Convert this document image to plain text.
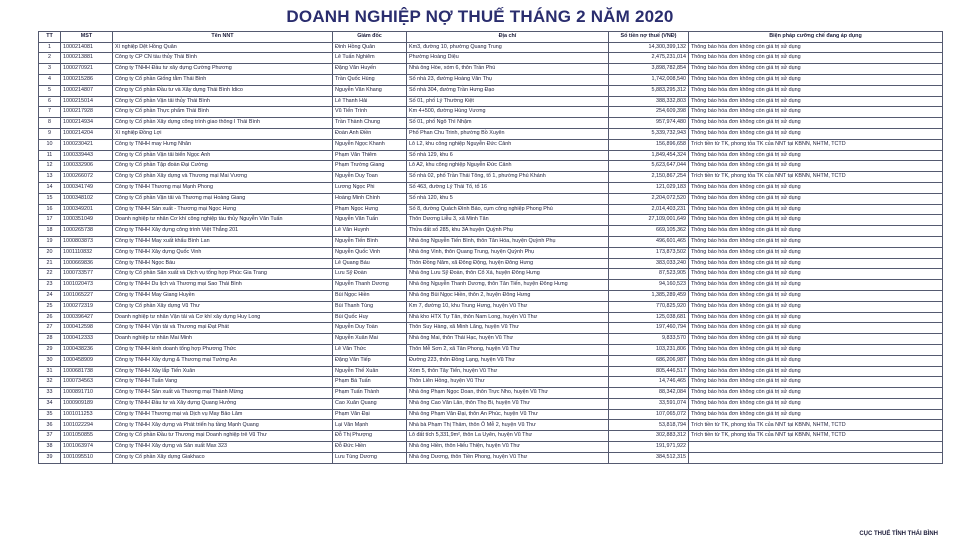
DOANH NGHIỆP NỢ THUẾ THÁNG 2 NĂM 2020
TT	MST	Tên NNT	Giám đốc	Địa chỉ	Số tiền nợ thuế (VNĐ)	Biện pháp cưỡng chế đang áp dụng
1	1000214081	Xí nghiệp Dệt Hồng Quân	Đinh Hồng Quân	Km3, đường 10, phường Quang Trung	14,300,399,132	Thông báo hóa đơn không còn giá trị sử dụng
2	1000213881	Công ty CP CN tàu thủy Thái Bình	Lê Tuấn Nghiêm	Phường Hoàng Diệu	2,475,231,014	Thông báo hóa đơn không còn giá trị sử dụng
3	1000270921	Công ty TNHH Đầu tư xây dựng Cường Phương	Đặng Văn Huyến	Nhà ông Hòe, xóm 6, thôn Trần Phú	3,898,782,854	Thông báo hóa đơn không còn giá trị sử dụng
4	1000215286	Công ty Cổ phần Giống tằm Thái Bình	Trần Quốc Hùng	Số nhà 23, đường Hoàng Văn Thụ	1,742,008,540	Thông báo hóa đơn không còn giá trị sử dụng
5	1000214807	Công ty Cổ phần Đầu tư và Xây dựng Thái Bình Idico	Nguyễn Văn Khang	Số nhà 304, đường Trần Hưng Đạo	5,883,295,312	Thông báo hóa đơn không còn giá trị sử dụng
6	1000215014	Công ty Cổ phần Vận tải thủy Thái Bình	Lê Thanh Hải	Số 01, phố Lý Thường Kiệt	388,332,803	Thông báo hóa đơn không còn giá trị sử dụng
7	1000217928	Công ty Cổ phần Thực phẩm Thái Bình	Vũ Tiến Trình	Km 4+500, đường Hùng Vương	254,609,398	Thông báo hóa đơn không còn giá trị sử dụng
8	1000214934	Công ty Cổ phần Xây dựng công trình giao thông I Thái Bình	Trần Thành Chung	Số 01, phố Ngô Thì Nhậm	957,974,480	Thông báo hóa đơn không còn giá trị sử dụng
9	1000214204	Xí nghiệp Đồng Lợi	Đoàn Anh Điền	Phố Phan Chu Trinh, phường Bồ Xuyên	5,339,732,943	Thông báo hóa đơn không còn giá trị sử dụng
10	1000230421	Công ty TNHH may Hưng Nhân	Nguyễn Ngọc Khanh	Lô L2, khu công nghiệp Nguyễn Đức Cảnh	156,896,658	Trích tiền từ TK, phong tỏa TK của NNT tại KBNN, NHTM, TCTD
11	1000339443	Công ty Cổ phần Vận tải biển Ngọc Anh	Phạm Văn Thiêm	Số nhà 129, khu 6	1,849,454,324	Thông báo hóa đơn không còn giá trị sử dụng
12	1000332906	Công ty Cổ phần Tập đoàn Đại Cường	Phạm Trường Giang	Lô A2, khu công nghiệp Nguyễn Đức Cảnh	5,623,647,044	Thông báo hóa đơn không còn giá trị sử dụng
13	1000266072	Công ty Cổ phần Xây dựng và Thương mại Mai Vương	Nguyễn Duy Toan	Số nhà 02, phố Trần Thái Tông, tổ 1, phường Phú Khánh	2,150,867,254	Trích tiền từ TK, phong tỏa TK của NNT tại KBNN, NHTM, TCTD
14	1000341749	Công ty TNHH Thương mại Mạnh Phong	Lương Ngọc Phi	Số 463, đường Lý Thái Tổ, tổ 16	121,029,183	Thông báo hóa đơn không còn giá trị sử dụng
15	1000348102	Công ty Cổ phần Vận tải và Thương mại Hoàng Giang	Hoàng Minh Chính	Số nhà 120, khu 5	2,204,072,520	Thông báo hóa đơn không còn giá trị sử dụng
16	1000349201	Công ty TNHH Sản xuất - Thương mại Ngọc Hưng	Phạm Ngọc Hưng	Số 8, đường Quách Đình Bảo, cụm công nghiệp Phong Phú	2,014,403,231	Thông báo hóa đơn không còn giá trị sử dụng
17	1000351049	Doanh nghiệp tư nhân Cơ khí công nghiệp tàu thủy Nguyễn Văn Tuấn	Nguyễn Văn Tuấn	Thôn Dương Liễu 3, xã Minh Tân	27,109,001,649	Thông báo hóa đơn không còn giá trị sử dụng
18	1000265738	Công ty TNHH Xây dựng công trình Việt Thắng 201	Lê Văn Huynh	Thửa đất số 285, khu 3A huyện Quỳnh Phụ	669,105,362	Thông báo hóa đơn không còn giá trị sử dụng
19	1000803873	Công ty TNHH May xuất khẩu Bình Lan	Nguyễn Tiến Bình	Nhà ông Nguyễn Tiến Bình, thôn Tân Hóa, huyện Quỳnh Phụ	496,601,465	Thông báo hóa đơn không còn giá trị sử dụng
20	1001110832	Công ty TNHH Xây dựng Quốc Vinh	Nguyễn Quốc Vinh	Nhà ông Vinh, thôn Quang Trung, huyện Quỳnh Phụ	173,873,502	Thông báo hóa đơn không còn giá trị sử dụng
21	1000669836	Công ty TNHH Ngọc Báu	Lê Quang Báu	Thôn Đồng Năm, xã Đông Động, huyện Đông Hưng	383,033,240	Thông báo hóa đơn không còn giá trị sử dụng
22	1000733577	Công ty Cổ phần Sản xuất và Dịch vụ tổng hợp Phúc Gia Trang	Lưu Sỹ Đoàn	Nhà ông Lưu Sỹ Đoàn, thôn Cổ Xá, huyện Đông Hưng	87,523,905	Thông báo hóa đơn không còn giá trị sử dụng
23	1001020473	Công ty TNHH Du lịch và Thương mại Sao Thái Bình	Nguyễn Thanh Dương	Nhà ông Nguyễn Thanh Dương, thôn Tân Tiến, huyện Đông Hưng	94,160,523	Thông báo hóa đơn không còn giá trị sử dụng
24	1001065227	Công ty TNHH May Giang Huyền	Bùi Ngọc Hiền	Nhà ông Bùi Ngọc Hiền, thôn 2, huyện Đông Hưng	1,385,289,459	Thông báo hóa đơn không còn giá trị sử dụng
25	1000272319	Công ty Cổ phần Xây dựng Vũ Thư	Bùi Thanh Tùng	Km 7, đường 10, khu Trung Hưng, huyện Vũ Thư	770,825,920	Thông báo hóa đơn không còn giá trị sử dụng
26	1000396427	Doanh nghiệp tư nhân Vận tải và Cơ khí xây dựng Huy Long	Bùi Quốc Huy	Nhà kho HTX Tự Tân, thôn Nam Long, huyện Vũ Thư	125,038,681	Thông báo hóa đơn không còn giá trị sử dụng
27	1000412598	Công ty TNHH Vận tải và Thương mại Đạt Phát	Nguyễn Duy Toàn	Thôn Suy Hàng, xã Minh Lãng, huyện Vũ Thư	197,460,794	Thông báo hóa đơn không còn giá trị sử dụng
28	1000412333	Doanh nghiệp tư nhân Mai Minh	Nguyễn Xuân Mai	Nhà ông Mai, thôn Thái Hạc, huyện Vũ Thư	9,833,570	Thông báo hóa đơn không còn giá trị sử dụng
29	1000438236	Công ty TNHH kinh doanh tổng hợp Phương Thức	Lê Văn Thức	Thôn Mễ Sơn 2, xã Tân Phong, huyện Vũ Thư	103,231,806	Thông báo hóa đơn không còn giá trị sử dụng
30	1000458909	Công ty TNHH Xây dựng & Thương mại Tường An	Đặng Văn Tiếp	Đường 223, thôn Đồng Lạng, huyện Vũ Thư	686,206,987	Thông báo hóa đơn không còn giá trị sử dụng
31	1000681738	Công ty TNHH Xây lắp Tiến Xuân	Nguyễn Thế Xuân	Xóm 5, thôn Tây Tiến, huyện Vũ Thư	805,446,517	Thông báo hóa đơn không còn giá trị sử dụng
32	1000734563	Công ty TNHH Tuấn Vang	Phạm Bá Tuấn	Thôn Liên Hồng, huyện Vũ Thư	14,746,465	Thông báo hóa đơn không còn giá trị sử dụng
33	1000891710	Công ty TNHH Sản xuất và Thương mại Thành Mừng	Phạm Tuấn Thành	Nhà ông Phạm Ngọc Doan, thôn Trực Nho, huyện Vũ Thư	88,342,084	Thông báo hóa đơn không còn giá trị sử dụng
34	1000909189	Công ty TNHH Đầu tư và Xây dựng Quang Hưởng	Cao Xuân Quang	Nhà ông Cao Văn Lân, thôn Thọ Bi, huyện Vũ Thư	33,591,074	Thông báo hóa đơn không còn giá trị sử dụng
35	1001011253	Công ty TNHH Thương mại và Dịch vụ May Bảo Lâm	Phạm Văn Đại	Nhà ông Phạm Văn Đại, thôn An Phúc, huyện Vũ Thư	107,065,072	Thông báo hóa đơn không còn giá trị sử dụng
36	1001022294	Công ty TNHH Xây dựng và Phát triển hạ tầng Mạnh Quang	Lại Văn Mạnh	Nhà bà Phạm Thị Thảm, thôn Ô Mễ 2, huyện Vũ Thư	53,818,794	Trích tiền từ TK, phong tỏa TK của NNT tại KBNN, NHTM, TCTD
37	1001050855	Công ty Cổ phần Đầu tư Thương mại Doanh nghiệp trẻ Vũ Thư	Đỗ Thị Phượng	Lô đất tích 5,331,9m², thôn La Uyên, huyện Vũ Thư	302,883,312	Trích tiền từ TK, phong tỏa TK của NNT tại KBNN, NHTM, TCTD
38	1001063974	Công ty TNHH Xây dựng và Sản xuất Max 323	Đỗ Đức Hiền	Nhà ông Hiền, thôn Hiếu Thiện, huyện Vũ Thư	191,971,922	
39	1001095510	Công ty Cổ phần Xây dựng Giakhaco	Lưu Tùng Dương	Nhà ông Dương, thôn Tiền Phong, huyện Vũ Thư	384,512,315	
CỤC THUẾ TỈNH THÁI BÌNH
